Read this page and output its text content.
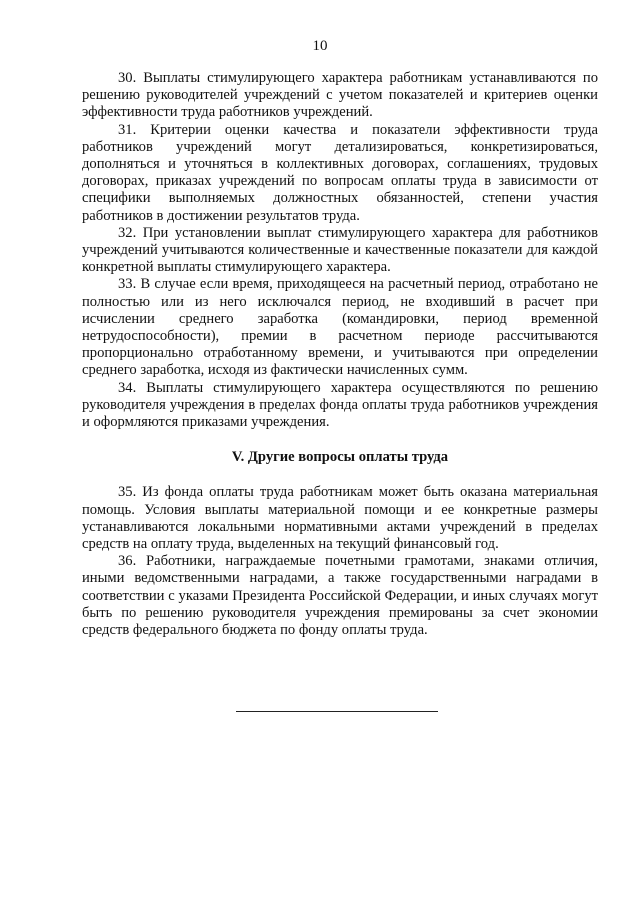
10

30. Выплаты стимулирующего характера работникам устанавливаются по решению руководителей учреждений с учетом показателей и критериев оценки эффективности труда работников учреждений.

31. Критерии оценки качества и показатели эффективности труда работников учреждений могут детализироваться, конкретизироваться, дополняться и уточняться в коллективных договорах, соглашениях, трудовых договорах, приказах учреждений по вопросам оплаты труда в зависимости от специфики выполняемых должностных обязанностей, степени участия работников в достижении результатов труда.

32. При установлении выплат стимулирующего характера для работников учреждений учитываются количественные и качественные показатели для каждой конкретной выплаты стимулирующего характера.

33. В случае если время, приходящееся на расчетный период, отработано не полностью или из него исключался период, не входивший в расчет при исчислении среднего заработка (командировки, период временной нетрудоспособности), премии в расчетном периоде рассчитываются пропорционально отработанному времени, и учитываются при определении среднего заработка, исходя из фактически начисленных сумм.

34. Выплаты стимулирующего характера осуществляются по решению руководителя учреждения в пределах фонда оплаты труда работников учреждения и оформляются приказами учреждения.

V. Другие вопросы оплаты труда

35. Из фонда оплаты труда работникам может быть оказана материальная помощь. Условия выплаты материальной помощи и ее конкретные размеры устанавливаются локальными нормативными актами учреждений в пределах средств на оплату труда, выделенных на текущий финансовый год.

36. Работники, награждаемые почетными грамотами, знаками отличия, иными ведомственными наградами, а также государственными наградами в соответствии с указами Президента Российской Федерации, и иных случаях могут быть по решению руководителя учреждения премированы за счет экономии средств федерального бюджета по фонду оплаты труда.
